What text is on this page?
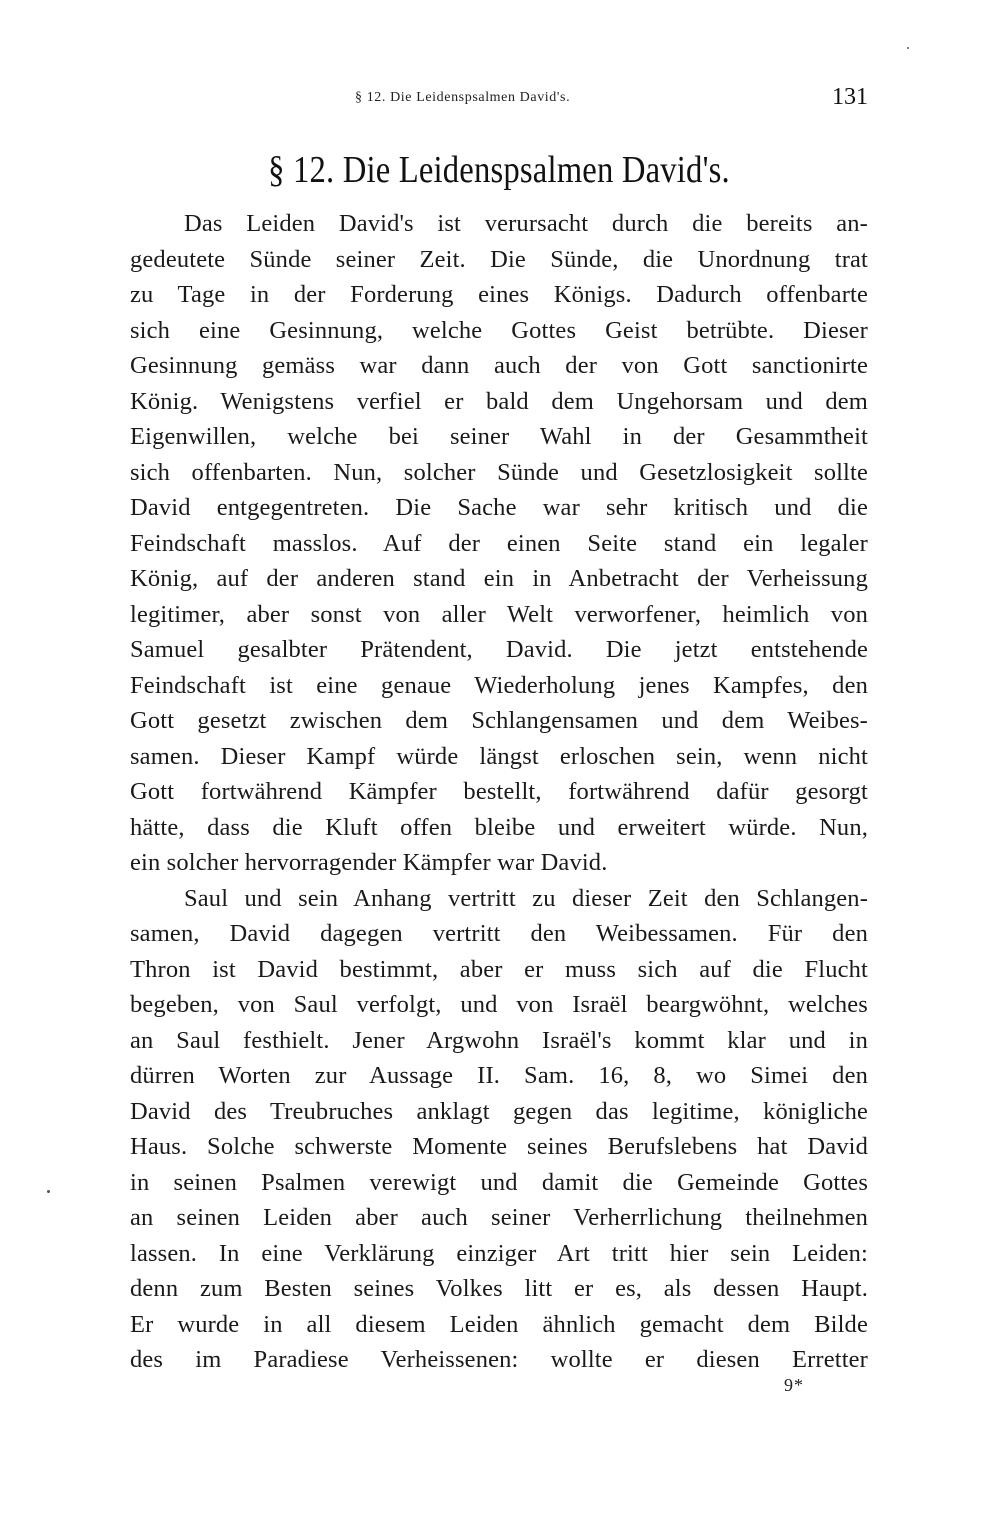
§ 12. Die Leidenspsalmen David's.	131
§ 12. Die Leidenspsalmen David's.
Das Leiden David's ist verursacht durch die bereits an-
gedeutete Sünde seiner Zeit. Die Sünde, die Unordnung trat
zu Tage in der Forderung eines Königs. Dadurch offenbarte
sich eine Gesinnung, welche Gottes Geist betrübte. Dieser
Gesinnung gemäss war dann auch der von Gott sanctionirte
König. Wenigstens verfiel er bald dem Ungehorsam und dem
Eigenwillen, welche bei seiner Wahl in der Gesammtheit
sich offenbarten. Nun, solcher Sünde und Gesetzlosigkeit sollte
David entgegentreten. Die Sache war sehr kritisch und die
Feindschaft masslos. Auf der einen Seite stand ein legaler
König, auf der anderen stand ein in Anbetracht der Verheissung
legitimer, aber sonst von aller Welt verworfener, heimlich von
Samuel gesalbter Prätendent, David. Die jetzt entstehende
Feindschaft ist eine genaue Wiederholung jenes Kampfes, den
Gott gesetzt zwischen dem Schlangensamen und dem Weibes-
samen. Dieser Kampf würde längst erloschen sein, wenn nicht
Gott fortwährend Kämpfer bestellt, fortwährend dafür gesorgt
hätte, dass die Kluft offen bleibe und erweitert würde. Nun,
ein solcher hervorragender Kämpfer war David.
Saul und sein Anhang vertritt zu dieser Zeit den Schlangen-
samen, David dagegen vertritt den Weibessamen. Für den
Thron ist David bestimmt, aber er muss sich auf die Flucht
begeben, von Saul verfolgt, und von Israël beargwöhnt, welches
an Saul festhielt. Jener Argwohn Israël's kommt klar und in
dürren Worten zur Aussage II. Sam. 16, 8, wo Simei den
David des Treubruches anklagt gegen das legitime, königliche
Haus. Solche schwerste Momente seines Berufslebens hat David
in seinen Psalmen verewigt und damit die Gemeinde Gottes
an seinen Leiden aber auch seiner Verherrlichung theilnehmen
lassen. In eine Verklärung einziger Art tritt hier sein Leiden:
denn zum Besten seines Volkes litt er es, als dessen Haupt.
Er wurde in all diesem Leiden ähnlich gemacht dem Bilde
des im Paradiese Verheissenen: wollte er diesen Erretter
9*
